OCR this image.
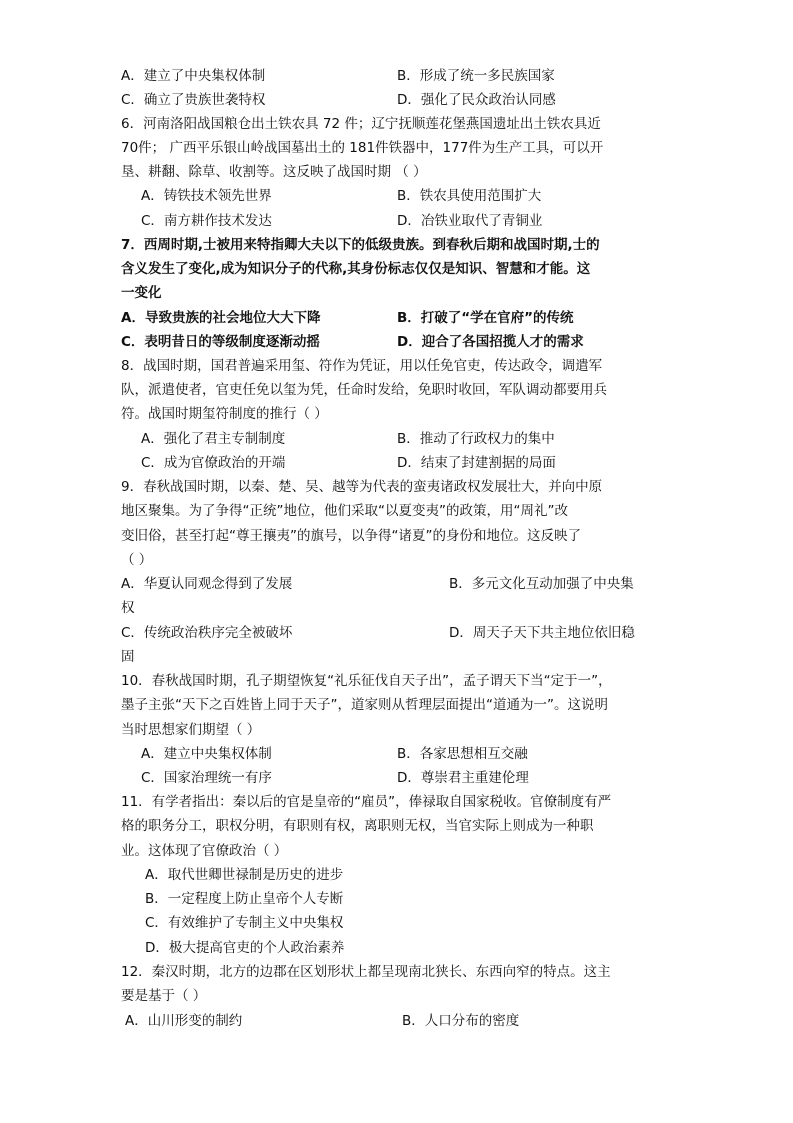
A．建立了中央集权体制	B．形成了统一多民族国家
C．确立了贵族世袭特权	D．强化了民众政治认同感
6．河南洛阳战国粮仓出土铁农具 72 件；辽宁抚顺莲花堡燕国遗址出土铁农具近
70件； 广西平乐银山岭战国墓出土的 181件铁器中，177件为生产工具，可以开
垦、耕翻、除草、收割等。这反映了战国时期 （ ）
A．铸铁技术领先世界	B．铁农具使用范围扩大
C．南方耕作技术发达	D．冶铁业取代了青铜业
7．西周时期,士被用来特指卿大夫以下的低级贵族。到春秋后期和战国时期,士的
含义发生了变化,成为知识分子的代称,其身份标志仅仅是知识、智慧和才能。这
一变化
A．导致贵族的社会地位大大下降	B．打破了“学在官府”的传统
C．表明昔日的等级制度逐渐动摇	D．迎合了各国招揽人才的需求
8．战国时期，国君普遍采用玺、符作为凭证，用以任免官吏，传达政令，调遣军
队，派遣使者，官吏任免以玺为凭，任命时发给，免职时收回，军队调动都要用兵
符。战国时期玺符制度的推行（ ）
A．强化了君主专制制度	B．推动了行政权力的集中
C．成为官僚政治的开端	D．结束了封建割据的局面
9．春秋战国时期，以秦、楚、吴、越等为代表的蛮夷诸政权发展壮大，并向中原
地区聚集。为了争得“正统”地位，他们采取“以夏变夷”的政策，用“周礼”改
变旧俗，甚至打起“尊王攘夷”的旗号，以争得“诸夏”的身份和地位。这反映了
（ ）
A．华夏认同观念得到了发展	B．多元文化互动加强了中央集
权
C．传统政治秩序完全被破坏	D．周天子天下共主地位依旧稳
固
10．春秋战国时期，孔子期望恢复“礼乐征伐自天子出”，孟子谓天下当“定于一”，
墨子主张“天下之百姓皆上同于天子”，道家则从哲理层面提出“道通为一”。这说明
当时思想家们期望（ ）
A．建立中央集权体制	B．各家思想相互交融
C．国家治理统一有序	D．尊崇君主重建伦理
11．有学者指出：秦以后的官是皇帝的“雇员”，俸禄取自国家税收。官僚制度有严
格的职务分工，职权分明，有职则有权，离职则无权，当官实际上则成为一种职
业。这体现了官僚政治（ ）
A．取代世卿世禄制是历史的进步
B．一定程度上防止皇帝个人专断
C．有效维护了专制主义中央集权
D．极大提高官吏的个人政治素养
12．秦汉时期，北方的边郡在区划形状上都呈现南北狭长、东西向窄的特点。这主
要是基于（ ）
A．山川形变的制约	B．人口分布的密度
